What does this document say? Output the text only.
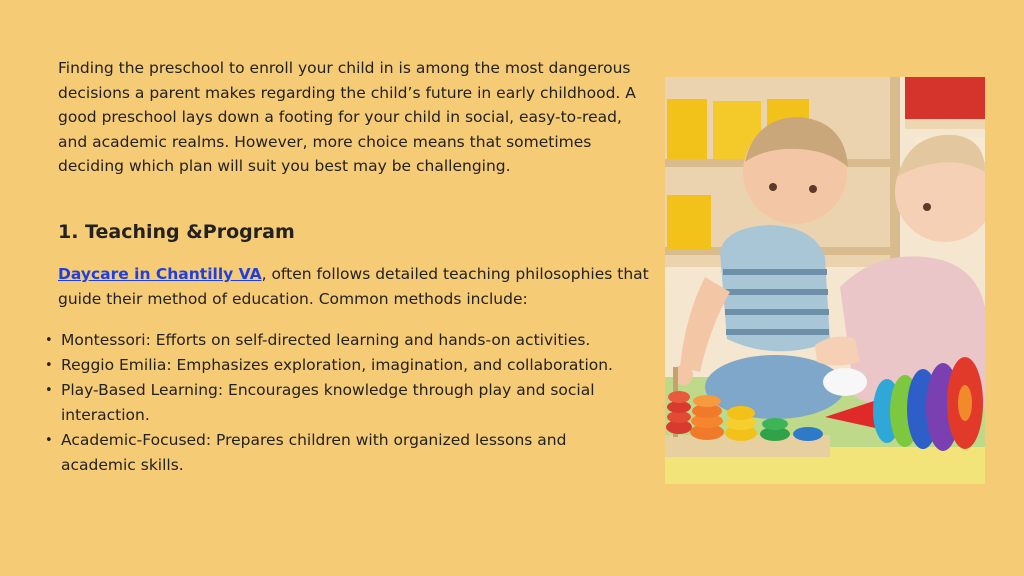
Finding the preschool to enroll your child in is among the most dangerous decisions a parent makes regarding the child’s future in early childhood. A good preschool lays down a footing for your child in social, easy-to-read, and academic realms. However, more choice means that sometimes deciding which plan will suit you best may be challenging.

1. Teaching &Program

Daycare in Chantilly VA, often follows detailed teaching philosophies that guide their method of education. Common methods include:

• Montessori: Efforts on self-directed learning and hands-on activities.
• Reggio Emilia: Emphasizes exploration, imagination, and collaboration.
• Play-Based Learning: Encourages knowledge through play and social interaction.
• Academic-Focused: Prepares children with organized lessons and academic skills.
